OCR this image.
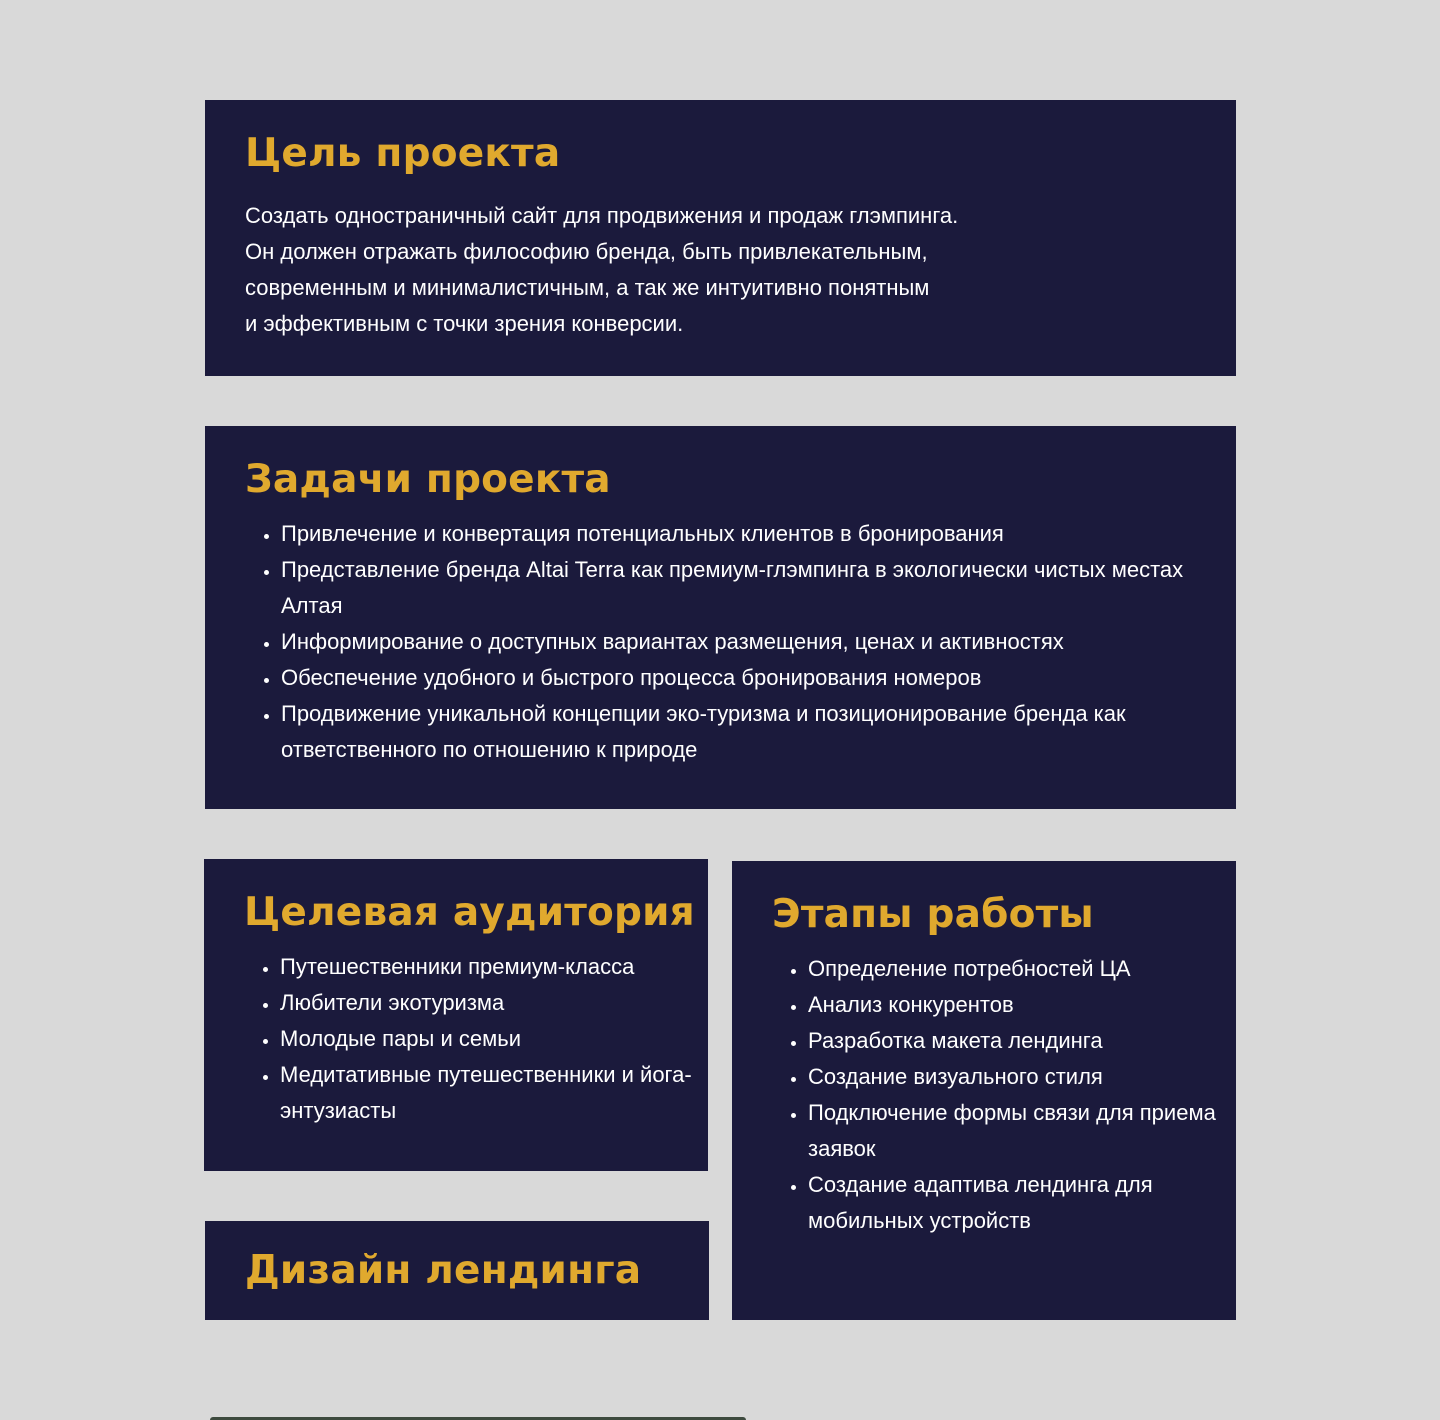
Цель проекта

Создать одностраничный сайт для продвижения и продаж глэмпинга.

Он должен отражать философию бренда, быть привлекательным,

современным и минималистичным, а так же интуитивно понятным

и эффективным с точки зрения конверсии.

Задачи проекта
• Привлечение и конвертация потенциальных клиентов в бронирования
• Представление бренда Altai Terra как премиум-глэмпинга в экологически чистых местах Алтая
• Информирование о доступных вариантах размещения, ценах и активностях
• Обеспечение удобного и быстрого процесса бронирования номеров
• Продвижение уникальной концепции эко-туризма и позиционирование бренда как ответственного по отношению к природе
Целевая аудитория
• Путешественники премиум-класса
• Любители экотуризма
• Молодые пары и семьи
• Медитативные путешественники и йога-энтузиасты
Дизайн лендинга
Этапы работы
• Определение потребностей ЦА
• Анализ конкурентов
• Разработка макета лендинга
• Создание визуального стиля
• Подключение формы связи для приема заявок
• Создание адаптива лендинга для мобильных устройств
